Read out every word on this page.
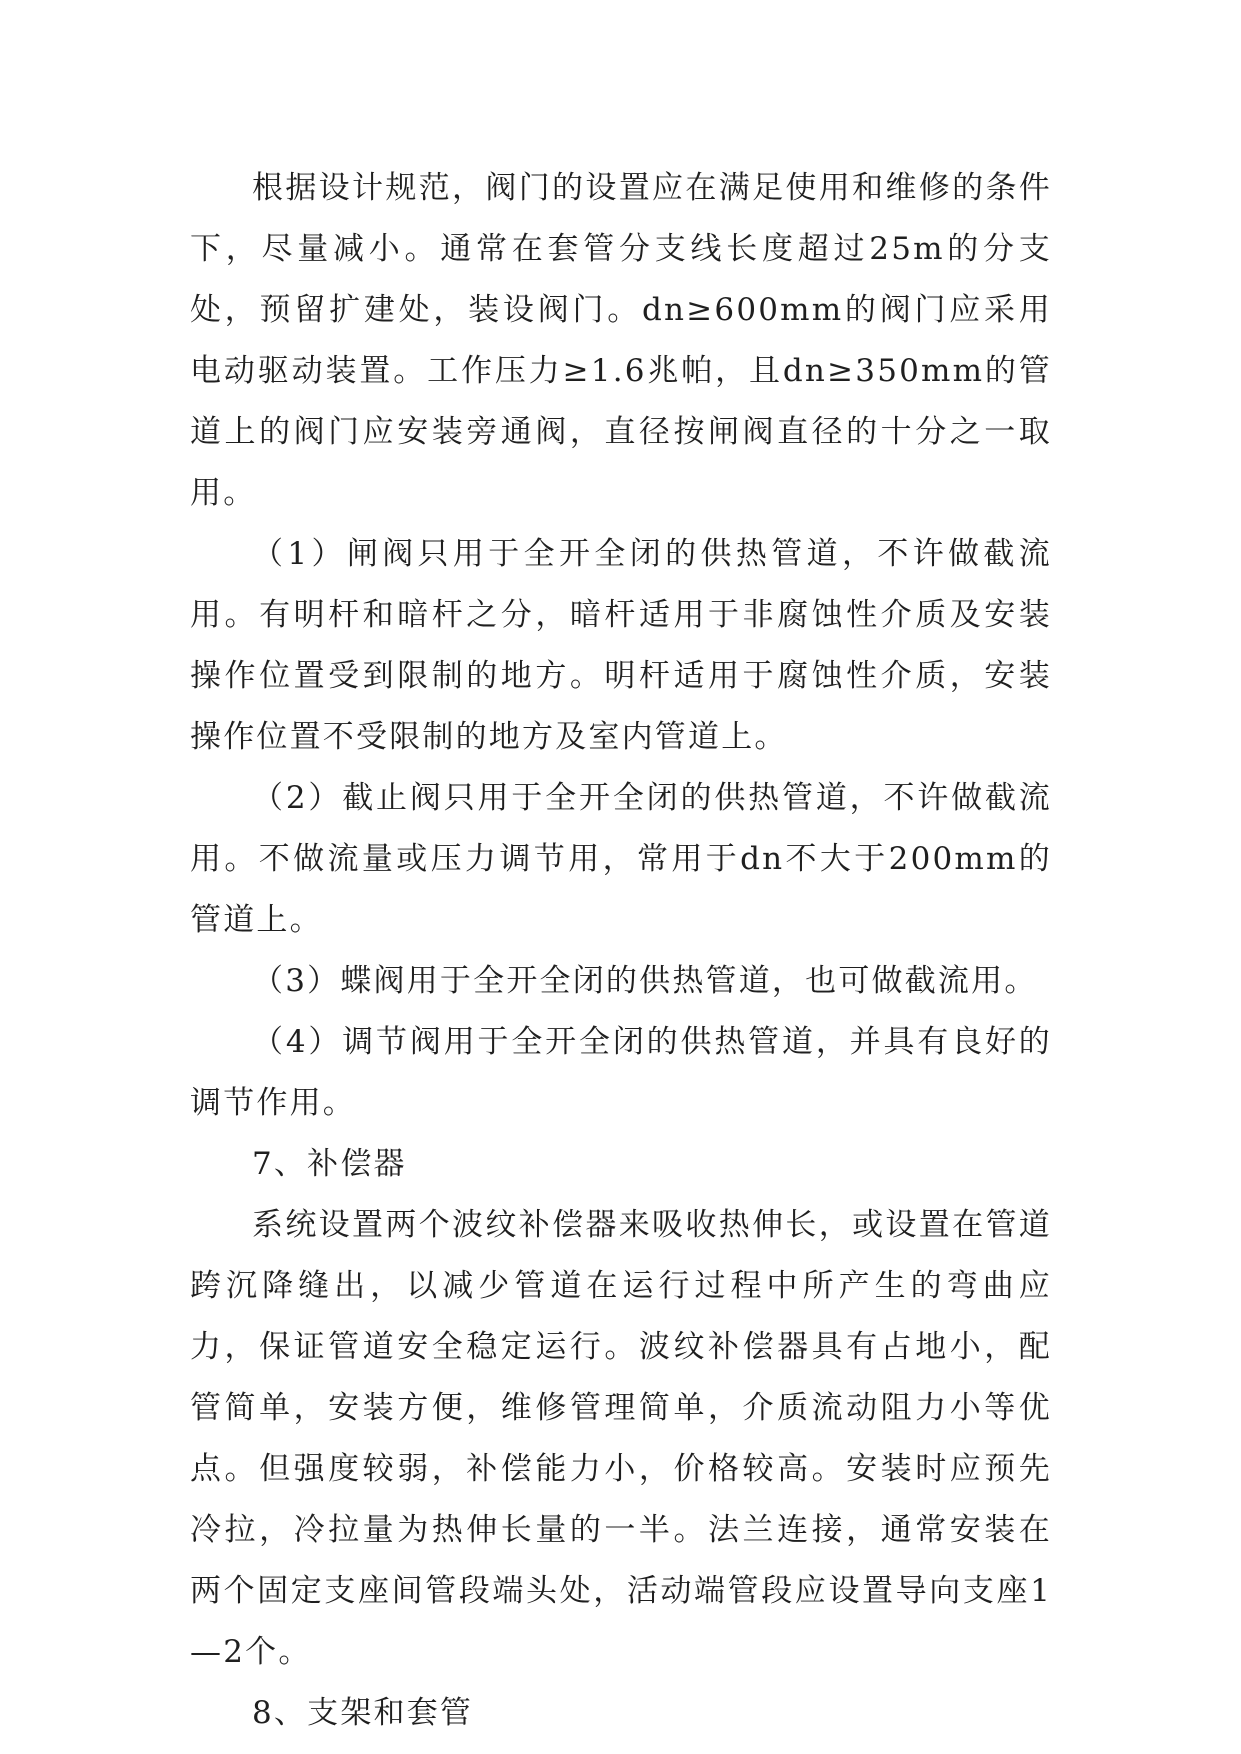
根据设计规范，阀门的设置应在满足使用和维修的条件下，尽量减小。通常在套管分支线长度超过25m的分支处，预留扩建处，装设阀门。dn≥600mm的阀门应采用电动驱动装置。工作压力≥1.6兆帕，且dn≥350mm的管道上的阀门应安装旁通阀，直径按闸阀直径的十分之一取用。

（1）闸阀只用于全开全闭的供热管道，不许做截流用。有明杆和暗杆之分，暗杆适用于非腐蚀性介质及安装操作位置受到限制的地方。明杆适用于腐蚀性介质，安装操作位置不受限制的地方及室内管道上。

（2）截止阀只用于全开全闭的供热管道，不许做截流用。不做流量或压力调节用，常用于dn不大于200mm的管道上。

（3）蝶阀用于全开全闭的供热管道，也可做截流用。

（4）调节阀用于全开全闭的供热管道，并具有良好的调节作用。

7、补偿器

系统设置两个波纹补偿器来吸收热伸长，或设置在管道跨沉降缝出，以减少管道在运行过程中所产生的弯曲应力，保证管道安全稳定运行。波纹补偿器具有占地小，配管简单，安装方便，维修管理简单，介质流动阻力小等优点。但强度较弱，补偿能力小，价格较高。安装时应预先冷拉，冷拉量为热伸长量的一半。法兰连接，通常安装在两个固定支座间管段端头处，活动端管段应设置导向支座1—2个。

8、支架和套管
